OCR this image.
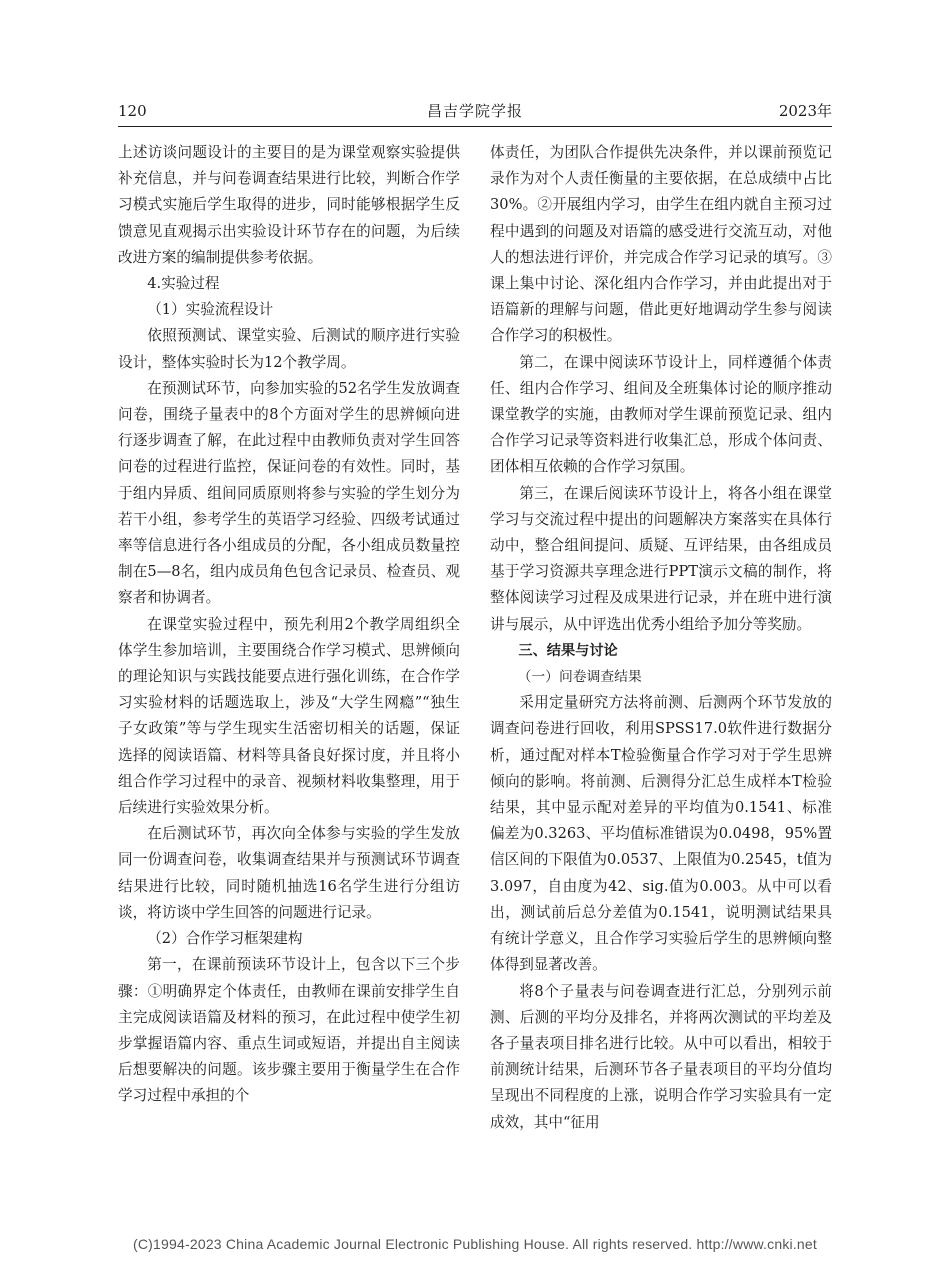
120	昌吉学院学报	2023年

上述访谈问题设计的主要目的是为课堂观察实验提供补充信息，并与问卷调查结果进行比较，判断合作学习模式实施后学生取得的进步，同时能够根据学生反馈意见直观揭示出实验设计环节存在的问题，为后续改进方案的编制提供参考依据。

4.实验过程

（1）实验流程设计

依照预测试、课堂实验、后测试的顺序进行实验设计，整体实验时长为12个教学周。

在预测试环节，向参加实验的52名学生发放调查问卷，围绕子量表中的8个方面对学生的思辨倾向进行逐步调查了解，在此过程中由教师负责对学生回答问卷的过程进行监控，保证问卷的有效性。同时，基于组内异质、组间同质原则将参与实验的学生划分为若干小组，参考学生的英语学习经验、四级考试通过率等信息进行各小组成员的分配，各小组成员数量控制在5—8名，组内成员角色包含记录员、检查员、观察者和协调者。

在课堂实验过程中，预先利用2个教学周组织全体学生参加培训，主要围绕合作学习模式、思辨倾向的理论知识与实践技能要点进行强化训练，在合作学习实验材料的话题选取上，涉及“大学生网瘾”“独生子女政策”等与学生现实生活密切相关的话题，保证选择的阅读语篇、材料等具备良好探讨度，并且将小组合作学习过程中的录音、视频材料收集整理，用于后续进行实验效果分析。

在后测试环节，再次向全体参与实验的学生发放同一份调查问卷，收集调查结果并与预测试环节调查结果进行比较，同时随机抽选16名学生进行分组访谈，将访谈中学生回答的问题进行记录。

（2）合作学习框架建构

第一，在课前预读环节设计上，包含以下三个步骤：①明确界定个体责任，由教师在课前安排学生自主完成阅读语篇及材料的预习，在此过程中使学生初步掌握语篇内容、重点生词或短语，并提出自主阅读后想要解决的问题。该步骤主要用于衡量学生在合作学习过程中承担的个

体责任，为团队合作提供先决条件，并以课前预览记录作为对个人责任衡量的主要依据，在总成绩中占比30%。②开展组内学习，由学生在组内就自主预习过程中遇到的问题及对语篇的感受进行交流互动，对他人的想法进行评价，并完成合作学习记录的填写。③课上集中讨论、深化组内合作学习，并由此提出对于语篇新的理解与问题，借此更好地调动学生参与阅读合作学习的积极性。

第二，在课中阅读环节设计上，同样遵循个体责任、组内合作学习、组间及全班集体讨论的顺序推动课堂教学的实施，由教师对学生课前预览记录、组内合作学习记录等资料进行收集汇总，形成个体问责、团体相互依赖的合作学习氛围。

第三，在课后阅读环节设计上，将各小组在课堂学习与交流过程中提出的问题解决方案落实在具体行动中，整合组间提问、质疑、互评结果，由各组成员基于学习资源共享理念进行PPT演示文稿的制作，将整体阅读学习过程及成果进行记录，并在班中进行演讲与展示，从中评选出优秀小组给予加分等奖励。

三、结果与讨论

（一）问卷调查结果

采用定量研究方法将前测、后测两个环节发放的调查问卷进行回收，利用SPSS17.0软件进行数据分析，通过配对样本T检验衡量合作学习对于学生思辨倾向的影响。将前测、后测得分汇总生成样本T检验结果，其中显示配对差异的平均值为0.1541、标准偏差为0.3263、平均值标准错误为0.0498，95%置信区间的下限值为0.0537、上限值为0.2545，t值为3.097，自由度为42、sig.值为0.003。从中可以看出，测试前后总分差值为0.1541，说明测试结果具有统计学意义，且合作学习实验后学生的思辨倾向整体得到显著改善。

将8个子量表与问卷调查进行汇总，分别列示前测、后测的平均分及排名，并将两次测试的平均差及各子量表项目排名进行比较。从中可以看出，相较于前测统计结果，后测环节各子量表项目的平均分值均呈现出不同程度的上涨，说明合作学习实验具有一定成效，其中“征用

(C)1994-2023 China Academic Journal Electronic Publishing House. All rights reserved. http://www.cnki.net
